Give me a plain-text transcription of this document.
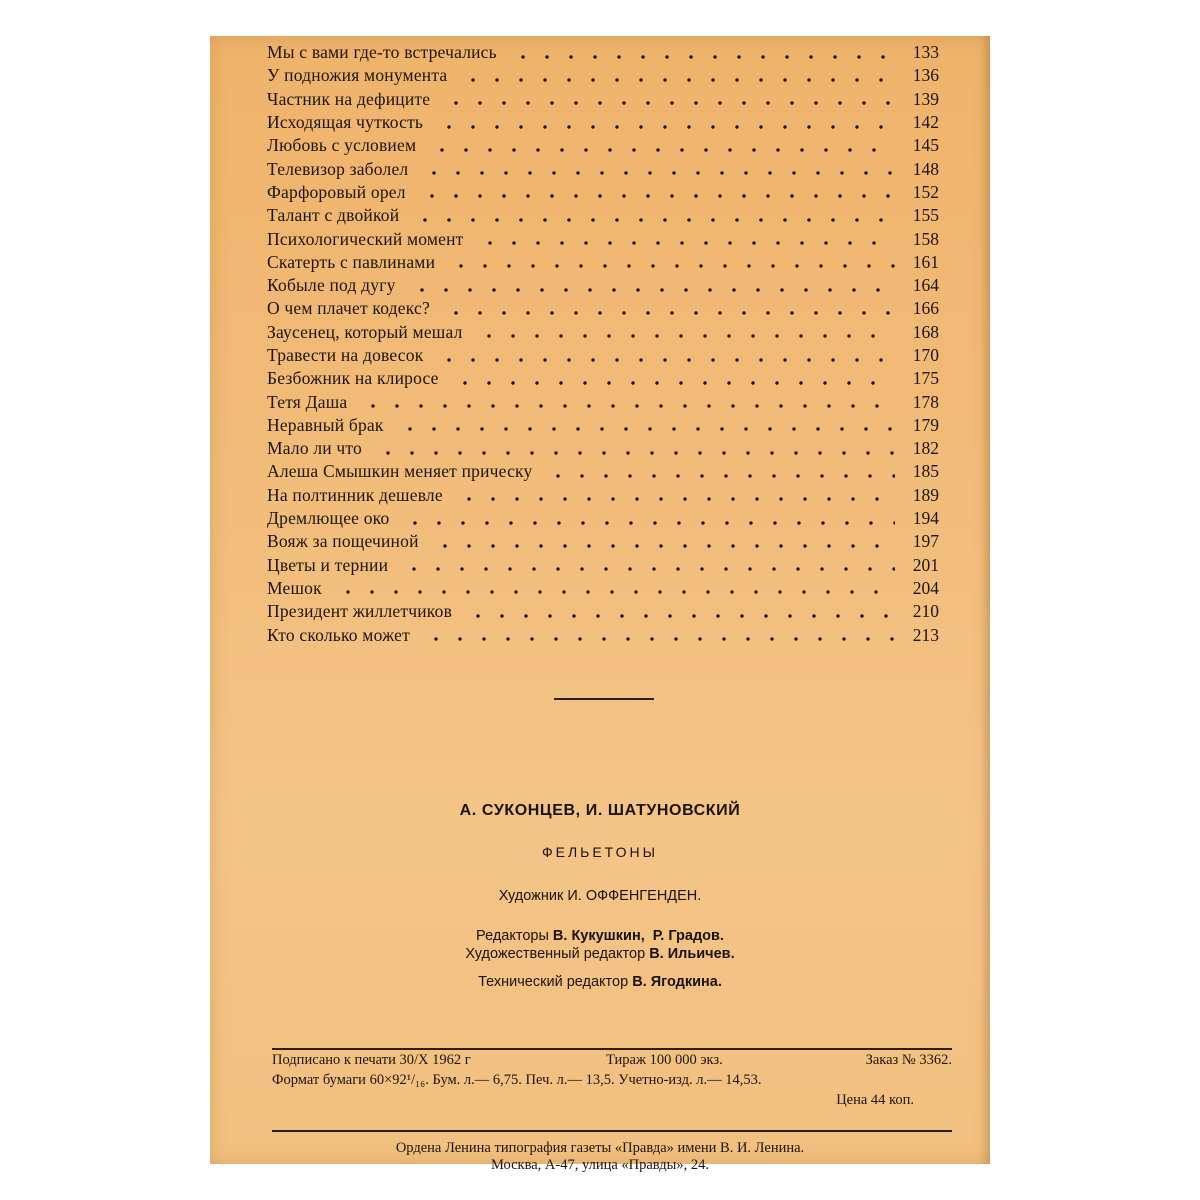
Мы с вами где-то встречались	133
У подножия монумента	136
Частник на дефиците	139
Исходящая чуткость	142
Любовь с условием	145
Телевизор заболел	148
Фарфоровый орел	152
Талант с двойкой	155
Психологический момент	158
Скатерть с павлинами	161
Кобыле под дугу	164
О чем плачет кодекс?	166
Заусенец, который мешал	168
Травести на довесок	170
Безбожник на клиросе	175
Тетя Даша	178
Неравный брак	179
Мало ли что	182
Алеша Смышкин меняет прическу	185
На полтинник дешевле	189
Дремлющее око	194
Вояж за пощечиной	197
Цветы и тернии	201
Мешок	204
Президент жиллетчиков	210
Кто сколько может	213
А. СУКОНЦЕВ, И. ШАТУНОВСКИЙ
ФЕЛЬЕТОНЫ
Художник И. ОФФЕНГЕНДЕН.
Редакторы В. Кукушкин, Р. Градов.
Художественный редактор В. Ильичев.
Технический редактор В. Ягодкина.
Подписано к печати 30/X 1962 г	Тираж 100 000 экз.	Заказ № 3362.
Формат бумаги 60×92¹/₁₆. Бум. л.— 6,75. Печ. л.— 13,5. Учетно-изд. л.— 14,53.
Цена 44 коп.
Ордена Ленина типография газеты «Правда» имени В. И. Ленина.
Москва, А-47, улица «Правды», 24.
